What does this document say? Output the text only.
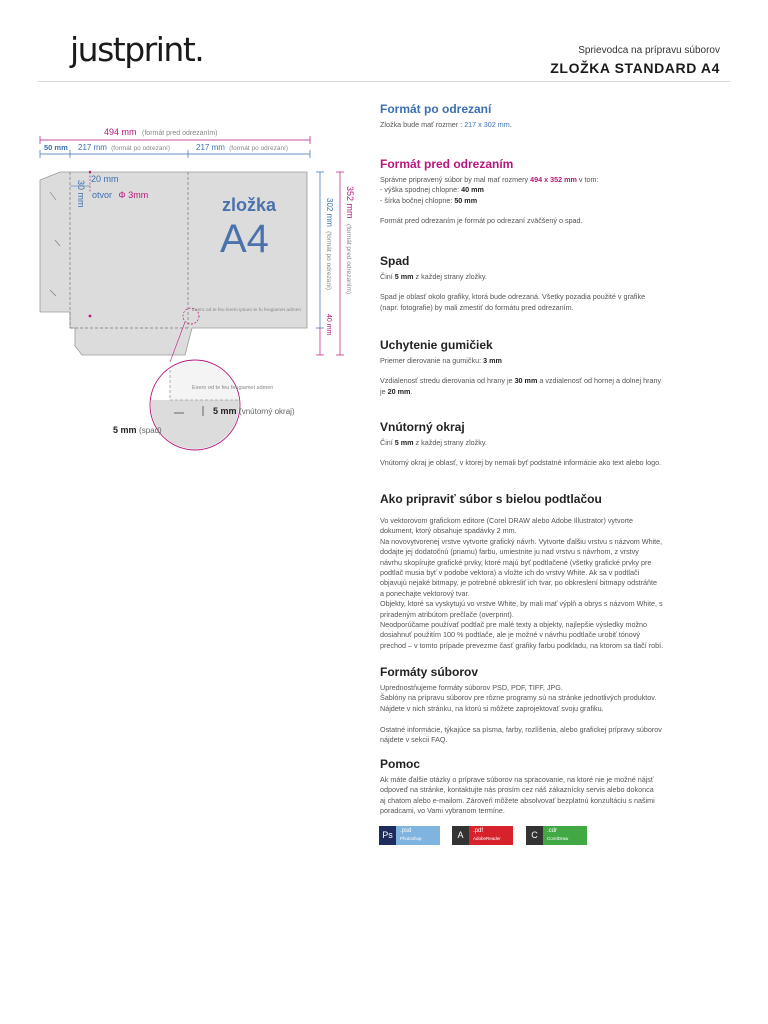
justprint.	Sprievodca na prípravu súborov
ZLOŽKA STANDARD A4
494 mm (formát pred odrezaním)
50 mm 217 mm (formát po odrezaní)	217 mm (formát po odrezaní)
20 mm
30 mm otvor Φ 3mm	zložka
A4
Exero od te feu lorem ipsum te fu feugiamet admen
302 mm (formát po odrezaní)
352 mm (formát pred odrezaním)
40 mm
Exero od te feu feugiamet admen
5 mm (vnútorný okraj)
5 mm (spad)
Formát po odrezaní

Zložka bude mať rozmer : 217 x 302 mm.

Formát pred odrezaním

Správne pripravený súbor by mal mať rozmery 494 x 352 mm v tom:

- výška spodnej chlopne: 40 mm

- šírka bočnej chlopne: 50 mm

Formát pred odrezaním je formát po odrezaní zväčšený o spad.

Spad

Činí 5 mm z každej strany zložky.

Spad je oblasť okolo grafiky, ktorá bude odrezaná. Všetky pozadia použité v grafike
(napr. fotografie) by mali zmestiť do formátu pred odrezaním.

Uchytenie gumičiek

Priemer dierovanie na gumičku: 3 mm

Vzdialenosť stredu dierovania od hrany je 30 mm a vzdialenosť od hornej a dolnej hrany
je 20 mm.

Vnútorný okraj

Činí 5 mm z každej strany zložky.

Vnútorný okraj je oblasť, v ktorej by nemali byť podstatné informácie ako text alebo logo.

Ako pripraviť súbor s bielou podtlačou

Vo vektorovom grafickom editore (Corel DRAW alebo Adobe Illustrator) vytvorte
dokument, ktorý obsahuje spadávky 2 mm.
Na novovytvorenej vrstve vytvorte grafický návrh. Vytvorte ďalšiu vrstvu s názvom White,
dodajte jej dodatočnú (priamu) farbu, umiestnite ju nad vrstvu s návrhom, z vrstvy
návrhu skopírujte grafické prvky, ktoré majú byť podtlačené (všetky grafické prvky pre
podtlač musia byť v podobe vektora) a vložte ich do vrstvy White. Ak sa v podtlači
objavujú nejaké bitmapy, je potrebné obkresliť ich tvar, po obkreslení bitmapy odstráňte
a ponechajte vektorový tvar.
Objekty, ktoré sa vyskytujú vo vrstve White, by mali mať výplň a obrys s názvom White, s
priradeným atribútom prečlače (overprint).
Neodporúčame používať podtlač pre malé texty a objekty, najlepšie výsledky možno
dosiahnuť použitím 100 % podtlače, ale je možné v návrhu podtlače urobiť tónový
prechod – v tomto prípade prevezme časť grafiky farbu podkladu, na ktorom sa tlačí robí.

Formáty súborov

Uprednostňujeme formáty súborov PSD, PDF, TIFF, JPG.
Šablóny na prípravu súborov pre rôzne programy sú na stránke jednotlivých produktov.
Nájdete v nich stránku, na ktorú si môžete zaprojektovať svoju grafiku.

Ostatné informácie, týkajúce sa písma, farby, rozlíšenia, alebo grafickej prípravy súborov
nájdete v sekcii FAQ.

Pomoc

Ak máte ďalšie otázky o príprave súborov na spracovanie, na ktoré nie je možné nájsť
odpoveď na stránke, kontaktujte nás prosím cez náš zákaznícky servis alebo dokonca
aj chatom alebo e-mailom. Zároveň môžete absolvovať bezplatnú konzultáciu s našimi
poradcami, vo Vami vybranom termíne.

Ps	.psd
Photoshop	A	.pdf
AdobeReader	C	.cdr
CorelDraw
